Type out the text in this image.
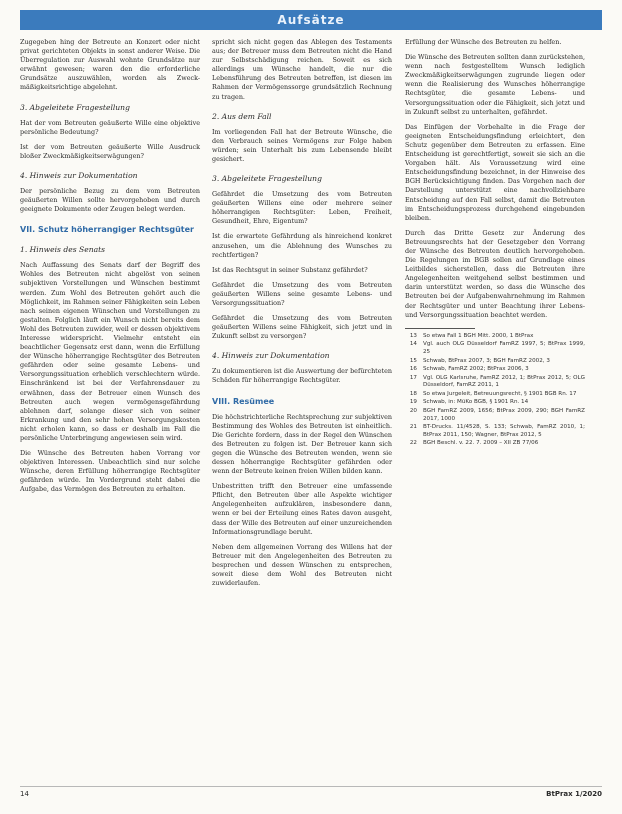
Aufsätze

Zugegeben hing der Betreute an Konzert oder nicht privat gerichteten Objekts in sonst anderer Weise. Die Überregulation zur Auswahl wohnte Grundsätze nur erwähnt gewesen; waren den die erforderliche Grundsätze auszuwählen, worden als Zweck- mäßigkeitsrichtige abgelehnt.

3. Abgeleitete Fragestellung

Hat der vom Betreuten geäußerte Wille eine objektive persönliche Bedeutung?

Ist der vom Betreuten geäußerte Wille Ausdruck bloßer Zweckmäßigkeitserwägungen?

4. Hinweis zur Dokumentation

Der persönliche Bezug zu dem vom Betreuten geäußerten Willen sollte hervorgehoben und durch geeignete Dokumente oder Zeugen belegt werden.

VII. Schutz höherrangiger Rechtsgüter
1. Hinweis des Senats

Nach Auffassung des Senats darf der Begriff des Wohles des Betreuten nicht abgelöst von seinen subjektiven Vorstellungen und Wünschen bestimmt werden. Zum Wohl des Betreuten gehört auch die Möglichkeit, im Rahmen seiner Fähigkeiten sein Leben nach seinen eigenen Wünschen und Vorstellungen zu gestalten. Folglich läuft ein Wunsch nicht bereits dem Wohl des Betreuten zuwider, weil er dessen objektivem Interesse widerspricht. Vielmehr entsteht ein beachtlicher Gegensatz erst dann, wenn die Erfüllung der Wünsche höherrangige Rechtsgüter des Betreuten gefährden oder seine gesamte Lebens- und Versorgungssituation erheblich verschlechtern würde. Einschränkend ist bei der Verfahrensdauer zu erwähnen, dass der Betreuer einen Wunsch des Betreuten auch wegen vermögensgefährdung ablehnen darf, solange dieser sich von seiner Erkrankung und den sehr hohen Versorgungskosten nicht erholen kann, so dass er deshalb im Fall die persönliche Unterbringung angewiesen sein wird.

Die Wünsche des Betreuten haben Vorrang vor objektiven Interessen. Unbeachtlich sind nur solche Wünsche, deren Erfüllung höherrangige Rechtsgüter gefährden würde. Im Vordergrund steht dabei die Aufgabe, das Vermögen des Betreuten zu erhalten.

spricht sich nicht gegen das Ablegen des Testaments aus; der Betreuer muss dem Betreuten nicht die Hand zur Selbstschädigung reichen. Soweit es sich allerdings um Wünsche handelt, die nur die Lebensführung des Betreuten betreffen, ist diesen im Rahmen der Vermögenssorge grundsätzlich Rechnung zu tragen.

2. Aus dem Fall

Im vorliegenden Fall hat der Betreute Wünsche, die den Verbrauch seines Vermögens zur Folge haben würden; sein Unterhalt bis zum Lebensende bleibt gesichert.

3. Abgeleitete Fragestellung

Gefährdet die Umsetzung des vom Betreuten geäußerten Willens eine oder mehrere seiner höherrangigen Rechtsgüter: Leben, Freiheit, Gesundheit, Ehre, Eigentum?

Ist die erwartete Gefährdung als hinreichend konkret anzusehen, um die Ablehnung des Wunsches zu rechtfertigen?

Ist das Rechtsgut in seiner Substanz gefährdet?

Gefährdet die Umsetzung des vom Betreuten geäußerten Willens seine gesamte Lebens- und Versorgungssituation?

Gefährdet die Umsetzung des vom Betreuten geäußerten Willens seine Fähigkeit, sich jetzt und in Zukunft selbst zu versorgen?

4. Hinweis zur Dokumentation

Zu dokumentieren ist die Auswertung der befürchteten Schäden für höherrangige Rechtsgüter.

VIII. Resümee

Die höchstrichterliche Rechtsprechung zur subjektiven Bestimmung des Wohles des Betreuten ist einheitlich. Die Gerichte fordern, dass in der Regel den Wünschen des Betreuten zu folgen ist. Der Betreuer kann sich gegen die Wünsche des Betreuten wenden, wenn sie dessen höherrangige Rechtsgüter gefährden oder wenn der Betreute keinen freien Willen bilden kann.

Unbestritten trifft den Betreuer eine umfassende Pflicht, den Betreuten über alle Aspekte wichtiger Angelegenheiten aufzuklären, insbesondere dann, wenn er bei der Erteilung eines Rates davon ausgeht, dass der Wille des Betreuten auf einer unzureichenden Informationsgrundlage beruht.

Neben dem allgemeinen Vorrang des Willens hat der Betreuer mit den Angelegenheiten des Betreuten zu besprechen und dessen Wünschen zu entsprechen, soweit diese dem Wohl des Betreuten nicht zuwiderlaufen.

Erfüllung der Wünsche des Betreuten zu helfen.

Die Wünsche des Betreuten sollten dann zurückstehen, wenn nach festgestelltem Wunsch lediglich Zweckmäßigkeitserwägungen zugrunde liegen oder wenn die Realisierung des Wunsches höherrangige Rechtsgüter, die gesamte Lebens- und Versorgungssituation oder die Fähigkeit, sich jetzt und in Zukunft selbst zu unterhalten, gefährdet.

Das Einfügen der Vorbehalte in die Frage der geeigneten Entscheidungsfindung erleichtert, den Schutz gegenüber dem Betreuten zu erfassen. Eine Entscheidung ist gerechtfertigt, soweit sie sich an die Vorgaben hält. Als Voraussetzung wird eine Entscheidungsfindung bezeichnet, in der Hinweise des BGH Berücksichtigung finden. Das Vorgehen nach der Darstellung unterstützt eine nachvollziehbare Entscheidung auf den Fall selbst, damit die Betreuten im Entscheidungsprozess durchgehend eingebunden bleiben.

Durch das Dritte Gesetz zur Änderung des Betreuungsrechts hat der Gesetzgeber den Vorrang der Wünsche des Betreuten deutlich hervorgehoben. Die Regelungen im BGB sollen auf Grundlage eines Leitbildes sicherstellen, dass die Betreuten ihre Angelegenheiten weitgehend selbst bestimmen und darin unterstützt werden, so dass die Wünsche des Betreuten bei der Aufgabenwahrnehmung im Rahmen der Rechtsgüter und unter Beachtung ihrer Lebens- und Versorgungssituation beachtet werden.

13 So etwa Fall 1 BGH Mitt. 2000, 1 BtPrax
14 Vgl. auch OLG Düsseldorf FamRZ 1997, 5; BtPrax 1999, 25
15 Schwab, BtPrax 2007, 3; BGH FamRZ 2002, 3
16 Schwab, FamRZ 2002; BtPrax 2006, 3
17 Vgl. OLG Karlsruhe, FamRZ 2012, 1; BtPrax 2012, 5; OLG Düsseldorf, FamRZ 2011, 1
18 So etwa Jurgeleit, Betreuungsrecht, § 1901 BGB Rn. 17
19 Schwab, in: MüKo BGB, § 1901 Rn. 14
20 BGH FamRZ 2009, 1656; BtPrax 2009, 290; BGH FamRZ 2017, 1000
21 BT-Drucks. 11/4528, S. 133; Schwab, FamRZ 2010, 1; BtPrax 2011, 150; Wagner, BtPrax 2012, 5
22 BGH Beschl. v. 22. 7. 2009 – XII ZB 77/06
14	BtPrax 1/2020
